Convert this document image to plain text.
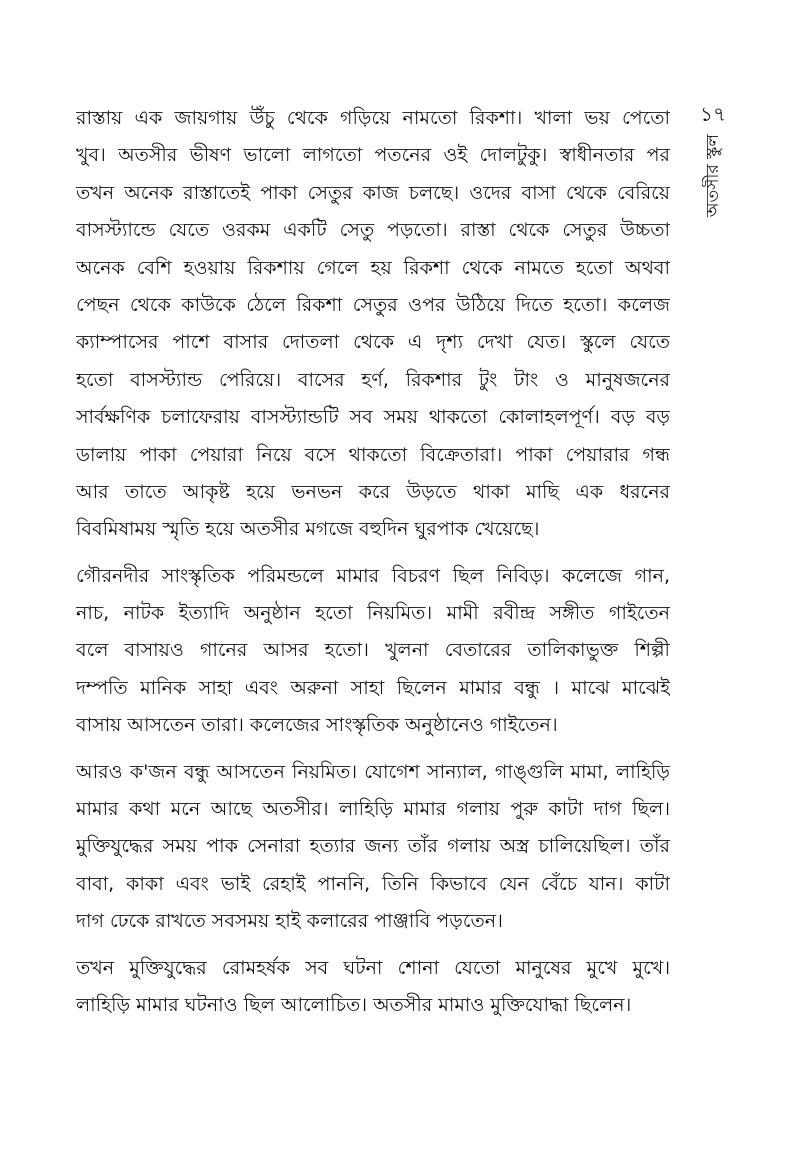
১৭
অতসীর স্কুল

রাস্তায় এক জায়গায় উঁচু থেকে গড়িয়ে নামতো রিকশা। খালা ভয় পেতো
খুব। অতসীর ভীষণ ভালো লাগতো পতনের ওই দোলটুকু। স্বাধীনতার পর
তখন অনেক রাস্তাতেই পাকা সেতুর কাজ চলছে। ওদের বাসা থেকে বেরিয়ে
বাসস্ট্যান্ডে যেতে ওরকম একটি সেতু পড়তো। রাস্তা থেকে সেতুর উচ্চতা
অনেক বেশি হওয়ায় রিকশায় গেলে হয় রিকশা থেকে নামতে হতো অথবা
পেছন থেকে কাউকে ঠেলে রিকশা সেতুর ওপর উঠিয়ে দিতে হতো। কলেজ
ক্যাম্পাসের পাশে বাসার দোতলা থেকে এ দৃশ্য দেখা যেত। স্কুলে যেতে
হতো বাসস্ট্যান্ড পেরিয়ে। বাসের হর্ণ, রিকশার টুং টাং ও মানুষজনের
সার্বক্ষণিক চলাফেরায় বাসস্ট্যান্ডটি সব সময় থাকতো কোলাহলপূর্ণ। বড় বড়
ডালায় পাকা পেয়ারা নিয়ে বসে থাকতো বিক্রেতারা। পাকা পেয়ারার গন্ধ
আর তাতে আকৃষ্ট হয়ে ভনভন করে উড়তে থাকা মাছি এক ধরনের
বিবমিষাময় স্মৃতি হয়ে অতসীর মগজে বহুদিন ঘুরপাক খেয়েছে।

গৌরনদীর সাংস্কৃতিক পরিমন্ডলে মামার বিচরণ ছিল নিবিড়। কলেজে গান,
নাচ, নাটক ইত্যাদি অনুষ্ঠান হতো নিয়মিত। মামী রবীন্দ্র সঙ্গীত গাইতেন
বলে বাসায়ও গানের আসর হতো। খুলনা বেতারের তালিকাভুক্ত শিল্পী
দম্পতি মানিক সাহা এবং অরুনা সাহা ছিলেন মামার বন্ধু । মাঝে মাঝেই
বাসায় আসতেন তারা। কলেজের সাংস্কৃতিক অনুষ্ঠানেও গাইতেন।

আরও ক'জন বন্ধু আসতেন নিয়মিত। যোগেশ সান্যাল, গাঙ্গুলি মামা, লাহিড়ি
মামার কথা মনে আছে অতসীর। লাহিড়ি মামার গলায় পুরু কাটা দাগ ছিল।
মুক্তিযুদ্ধের সময় পাক সেনারা হত্যার জন্য তাঁর গলায় অস্ত্র চালিয়েছিল। তাঁর
বাবা, কাকা এবং ভাই রেহাই পাননি, তিনি কিভাবে যেন বেঁচে যান। কাটা
দাগ ঢেকে রাখতে সবসময় হাই কলারের পাঞ্জাবি পড়তেন।

তখন মুক্তিযুদ্ধের রোমহর্ষক সব ঘটনা শোনা যেতো মানুষের মুখে মুখে।
লাহিড়ি মামার ঘটনাও ছিল আলোচিত। অতসীর মামাও মুক্তিযোদ্ধা ছিলেন।
